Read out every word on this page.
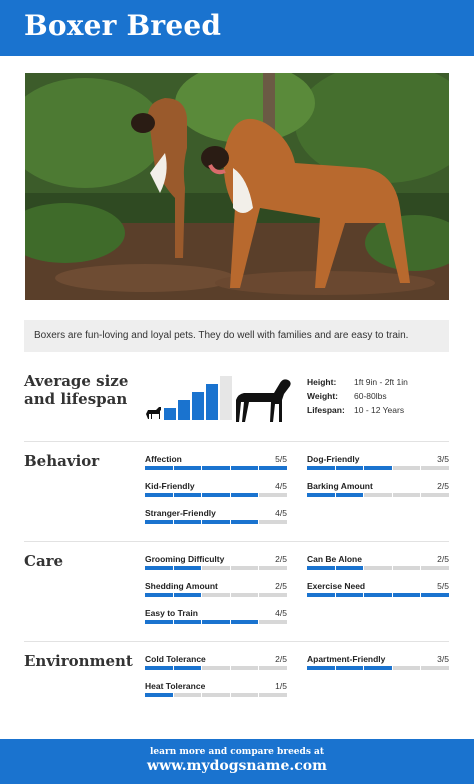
Boxer Breed

Boxers are fun-loving and loyal pets. They do well with families and are easy to train.

Average size
and lifespan
Height: 1ft 9in - 2ft 1in
Weight: 60-80lbs
Lifespan: 10 - 12 Years
Behavior	Affection	5/5 Dog-Friendly	3/5
Kid-Friendly	4/5 Barking Amount	2/5
Stranger-Friendly	4/5
Care	Grooming Difficulty	2/5 Can Be Alone	2/5
Shedding Amount	2/5 Exercise Need	5/5
Easy to Train	4/5
Environment Cold Tolerance	2/5 Apartment-Friendly	3/5
Heat Tolerance	1/5
learn more and compare breeds at
www.mydogsname.com
